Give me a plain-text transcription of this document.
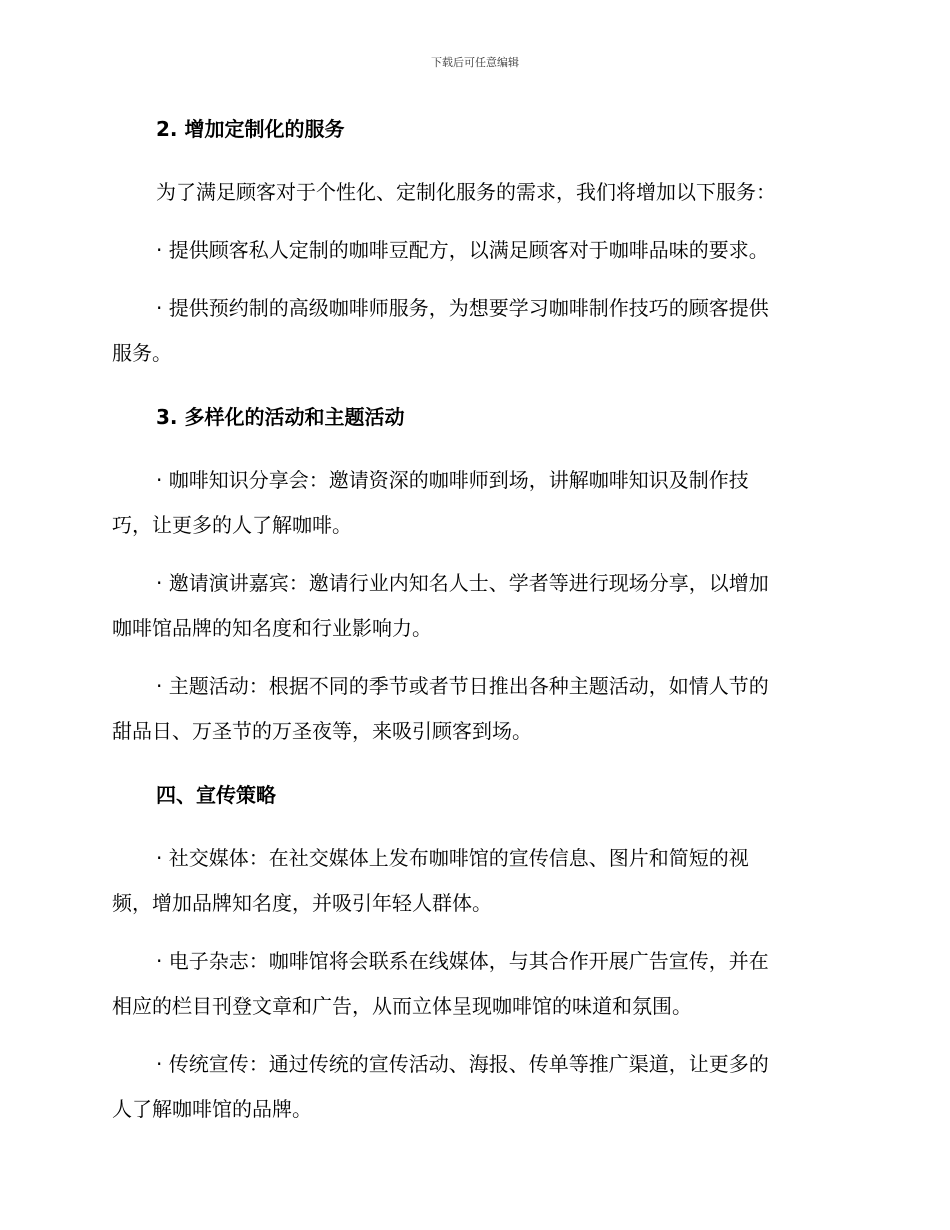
下载后可任意编辑
2. 增加定制化的服务
为了满足顾客对于个性化、定制化服务的需求，我们将增加以下服务：
· 提供顾客私人定制的咖啡豆配方，以满足顾客对于咖啡品味的要求。
· 提供预约制的高级咖啡师服务，为想要学习咖啡制作技巧的顾客提供
服务。
3. 多样化的活动和主题活动
· 咖啡知识分享会：邀请资深的咖啡师到场，讲解咖啡知识及制作技
巧，让更多的人了解咖啡。
· 邀请演讲嘉宾：邀请行业内知名人士、学者等进行现场分享，以增加
咖啡馆品牌的知名度和行业影响力。
· 主题活动：根据不同的季节或者节日推出各种主题活动，如情人节的
甜品日、万圣节的万圣夜等，来吸引顾客到场。
四、宣传策略
· 社交媒体：在社交媒体上发布咖啡馆的宣传信息、图片和简短的视
频，增加品牌知名度，并吸引年轻人群体。
· 电子杂志：咖啡馆将会联系在线媒体，与其合作开展广告宣传，并在
相应的栏目刊登文章和广告，从而立体呈现咖啡馆的味道和氛围。
· 传统宣传：通过传统的宣传活动、海报、传单等推广渠道，让更多的
人了解咖啡馆的品牌。
